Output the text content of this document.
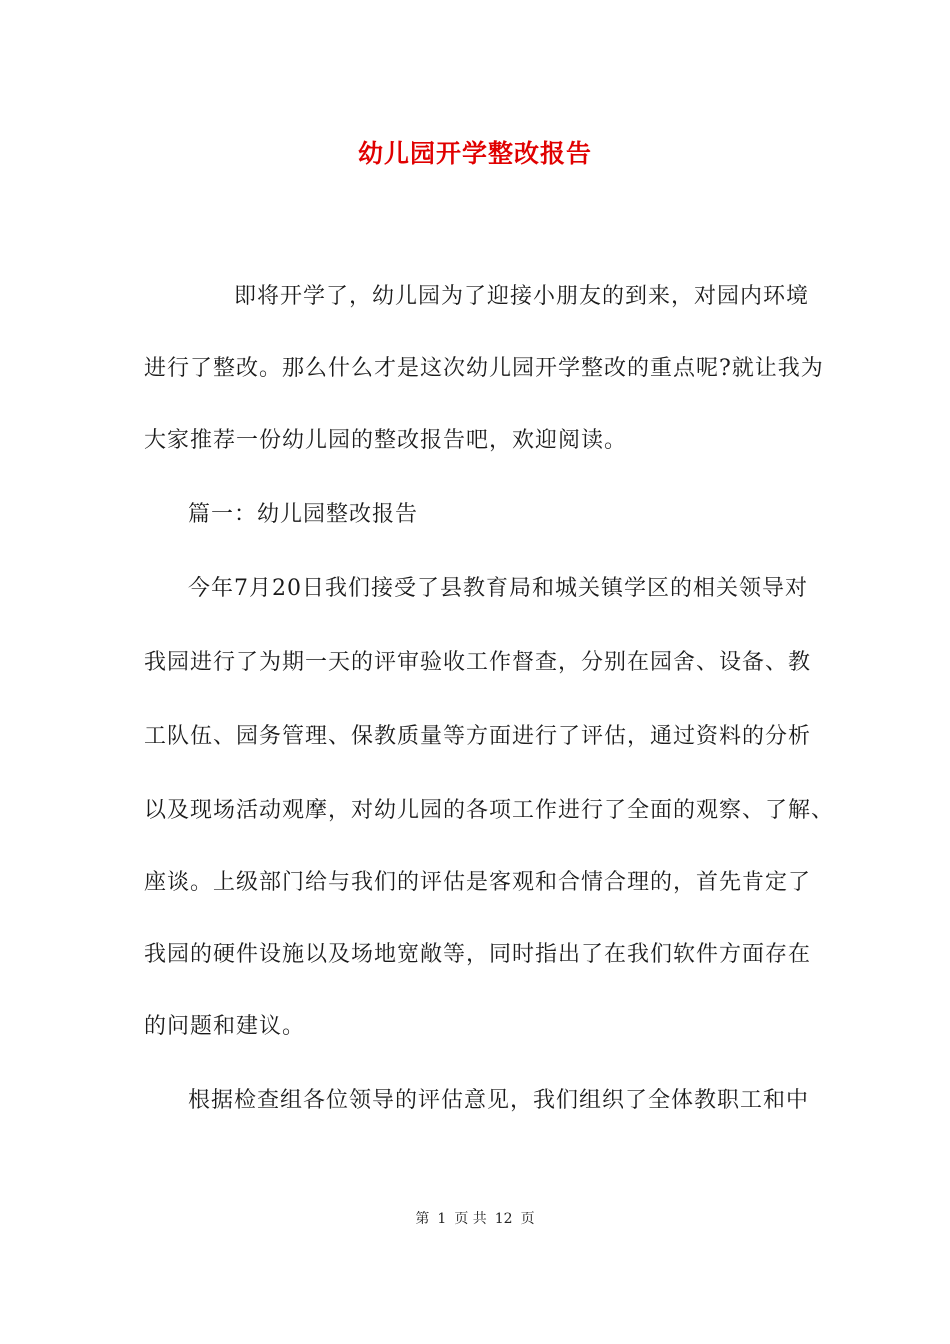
幼儿园开学整改报告
即将开学了，幼儿园为了迎接小朋友的到来，对园内环境
进行了整改。那么什么才是这次幼儿园开学整改的重点呢?就让我为
大家推荐一份幼儿园的整改报告吧，欢迎阅读。
篇一：幼儿园整改报告
今年7月20日我们接受了县教育局和城关镇学区的相关领导对
我园进行了为期一天的评审验收工作督查，分别在园舍、设备、教
工队伍、园务管理、保教质量等方面进行了评估，通过资料的分析
以及现场活动观摩，对幼儿园的各项工作进行了全面的观察、了解、
座谈。上级部门给与我们的评估是客观和合情合理的，首先肯定了
我园的硬件设施以及场地宽敞等，同时指出了在我们软件方面存在
的问题和建议。
根据检查组各位领导的评估意见，我们组织了全体教职工和中
第 1 页 共 12 页
